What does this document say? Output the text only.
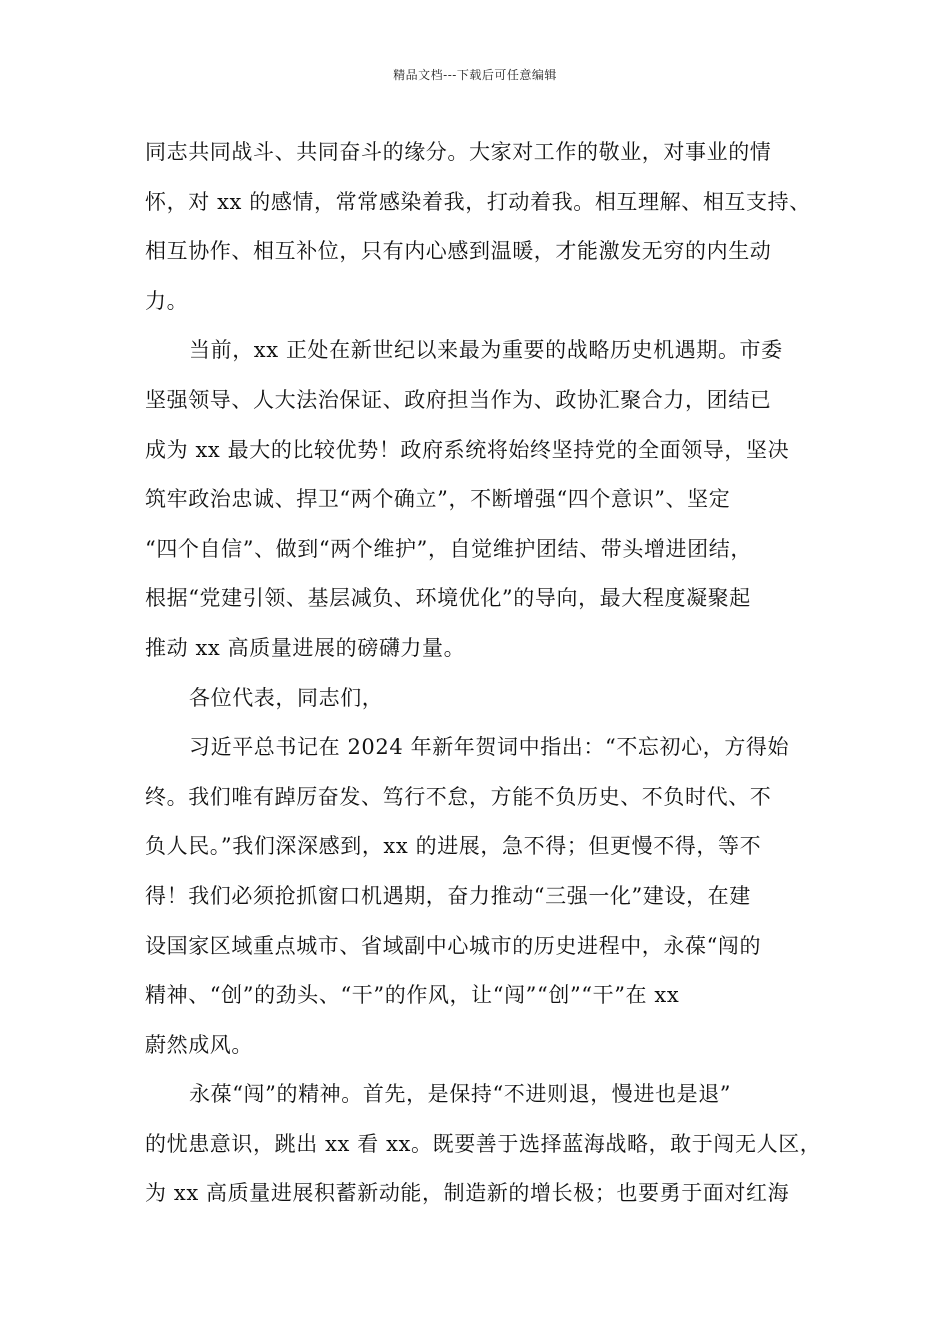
精品文档---下载后可任意编辑
同志共同战斗、共同奋斗的缘分。大家对工作的敬业，对事业的情
怀，对 xx 的感情，常常感染着我，打动着我。相互理解、相互支持、
相互协作、相互补位，只有内心感到温暖，才能激发无穷的内生动
力。
当前，xx 正处在新世纪以来最为重要的战略历史机遇期。市委
坚强领导、人大法治保证、政府担当作为、政协汇聚合力，团结已
成为 xx 最大的比较优势！政府系统将始终坚持党的全面领导，坚决
筑牢政治忠诚、捍卫“两个确立”，不断增强“四个意识”、坚定
“四个自信”、做到“两个维护”，自觉维护团结、带头增进团结，
根据“党建引领、基层减负、环境优化”的导向，最大程度凝聚起
推动 xx 高质量进展的磅礴力量。
各位代表，同志们，
习近平总书记在 2024 年新年贺词中指出：“不忘初心，方得始
终。我们唯有踔厉奋发、笃行不怠，方能不负历史、不负时代、不
负人民。”我们深深感到，xx 的进展，急不得；但更慢不得，等不
得！我们必须抢抓窗口机遇期，奋力推动“三强一化”建设，在建
设国家区域重点城市、省域副中心城市的历史进程中，永葆“闯的
精神、“创”的劲头、“干”的作风，让“闯”“创”“干”在 xx
蔚然成风。
永葆“闯”的精神。首先，是保持“不进则退，慢进也是退”
的忧患意识，跳出 xx 看 xx。既要善于选择蓝海战略，敢于闯无人区，
为 xx 高质量进展积蓄新动能，制造新的增长极；也要勇于面对红海
